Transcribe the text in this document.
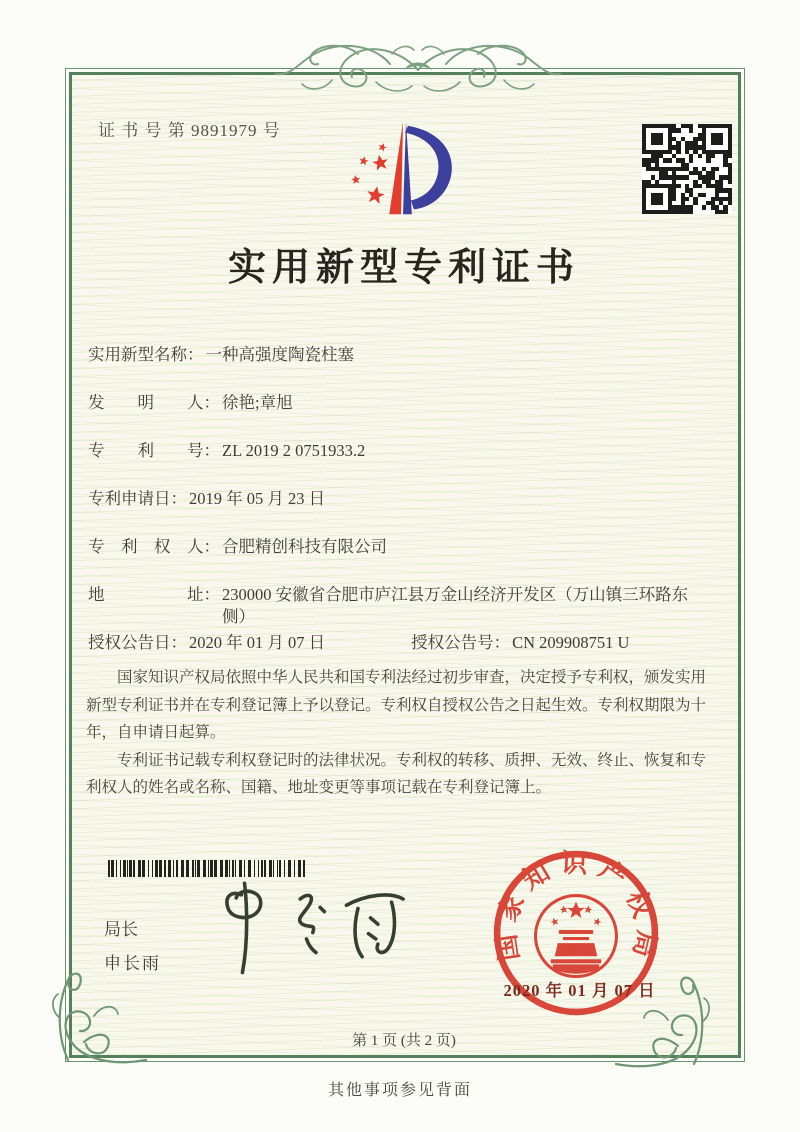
证 书 号 第 9891979 号
实用新型专利证书
实用新型名称： 一种高强度陶瓷柱塞
发　　明　　人： 徐艳;章旭
专　　利　　号： ZL 2019 2 0751933.2
专利申请日： 2019 年 05 月 23 日
专　利　权　人： 合肥精创科技有限公司
地　　　　　址： 230000 安徽省合肥市庐江县万金山经济开发区（万山镇三环路东侧）
授权公告日： 2020 年 01 月 07 日	授权公告号： CN 209908751 U

国家知识产权局依照中华人民共和国专利法经过初步审查，决定授予专利权，颁发实用新型专利证书并在专利登记簿上予以登记。专利权自授权公告之日起生效。专利权期限为十年，自申请日起算。

专利证书记载专利权登记时的法律状况。专利权的转移、质押、无效、终止、恢复和专利权人的姓名或名称、国籍、地址变更等事项记载在专利登记簿上。

局长
申长雨
国家知识产权局
2020 年 01 月 07 日
第 1 页 (共 2 页)
其他事项参见背面
